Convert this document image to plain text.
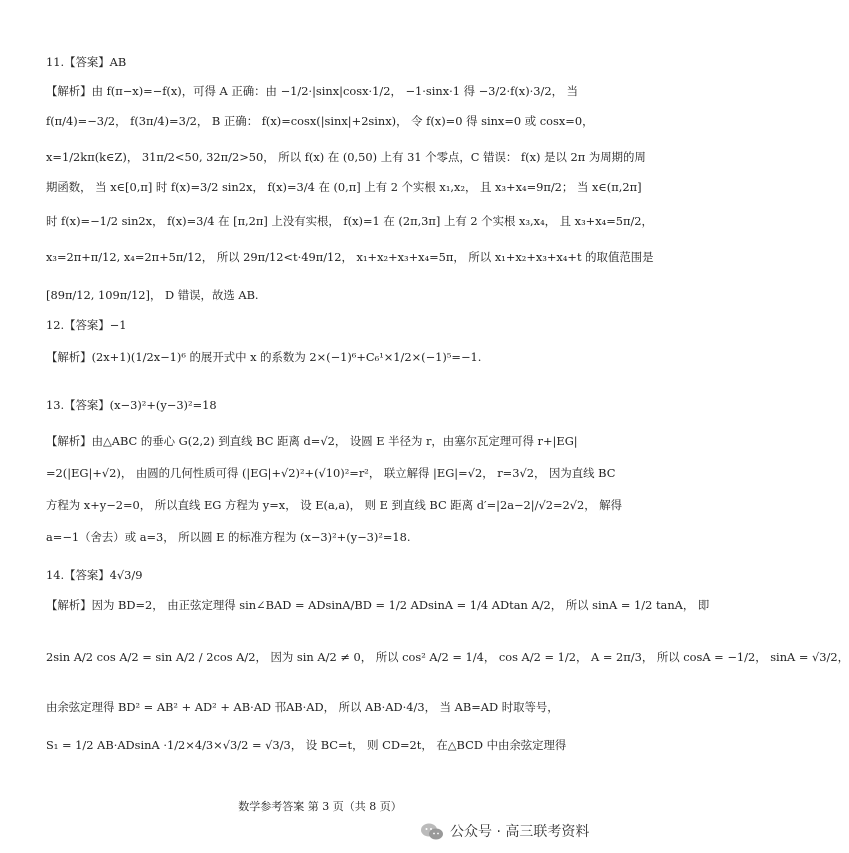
11.【答案】AB
【解析】由 f(π−x)=−f(x)，可得 A 正确：由 −1/2·|sinx|cosx·1/2， −1·sinx·1 得 −3/2·f(x)·3/2， 当
f(π/4)=−3/2， f(3π/4)=3/2， B 正确： f(x)=cosx(|sinx|+2sinx)， 令 f(x)=0 得 sinx=0 或 cosx=0，
x=1/2kπ(k∈Z)， 31π/2<50, 32π/2>50， 所以 f(x) 在 (0,50) 上有 31 个零点，C 错误： f(x) 是以 2π 为周期的周
期函数， 当 x∈[0,π] 时 f(x)=3/2 sin2x， f(x)=3/4 在 (0,π] 上有 2 个实根 x₁,x₂， 且 x₃+x₄=9π/2； 当 x∈(π,2π]
时 f(x)=−1/2 sin2x， f(x)=3/4 在 [π,2π] 上没有实根， f(x)=1 在 (2π,3π] 上有 2 个实根 x₃,x₄， 且 x₃+x₄=5π/2，
x₃=2π+π/12, x₄=2π+5π/12， 所以 29π/12<t·49π/12， x₁+x₂+x₃+x₄=5π， 所以 x₁+x₂+x₃+x₄+t 的取值范围是
[89π/12, 109π/12]， D 错误，故选 AB.
12.【答案】−1
【解析】(2x+1)(1/2x−1)⁶ 的展开式中 x 的系数为 2×(−1)⁶+C₆¹×1/2×(−1)⁵=−1.
13.【答案】(x−3)²+(y−3)²=18
【解析】由△ABC 的垂心 G(2,2) 到直线 BC 距离 d=√2， 设圆 E 半径为 r，由塞尔瓦定理可得 r+|EG|
=2(|EG|+√2)， 由圆的几何性质可得 (|EG|+√2)²+(√10)²=r²， 联立解得 |EG|=√2， r=3√2， 因为直线 BC
方程为 x+y−2=0， 所以直线 EG 方程为 y=x， 设 E(a,a)， 则 E 到直线 BC 距离 d′=|2a−2|/√2=2√2， 解得
a=−1（舍去）或 a=3， 所以圆 E 的标准方程为 (x−3)²+(y−3)²=18.
14.【答案】4√3/9
【解析】因为 BD=2， 由正弦定理得 sin∠BAD = ADsinA/BD = 1/2 ADsinA = 1/4 ADtan A/2， 所以 sinA = 1/2 tanA， 即
2sin A/2 cos A/2 = sin A/2 / 2cos A/2， 因为 sin A/2 ≠ 0， 所以 cos² A/2 = 1/4， cos A/2 = 1/2， A = 2π/3， 所以 cosA = −1/2， sinA = √3/2，
由余弦定理得 BD² = AB² + AD² + AB·AD 邗AB·AD， 所以 AB·AD·4/3， 当 AB=AD 时取等号，
S₁ = 1/2 AB·ADsinA ·1/2×4/3×√3/2 = √3/3， 设 BC=t， 则 CD=2t， 在△BCD 中由余弦定理得
数学参考答案 第 3 页（共 8 页）
公众号 · 高三联考资料
